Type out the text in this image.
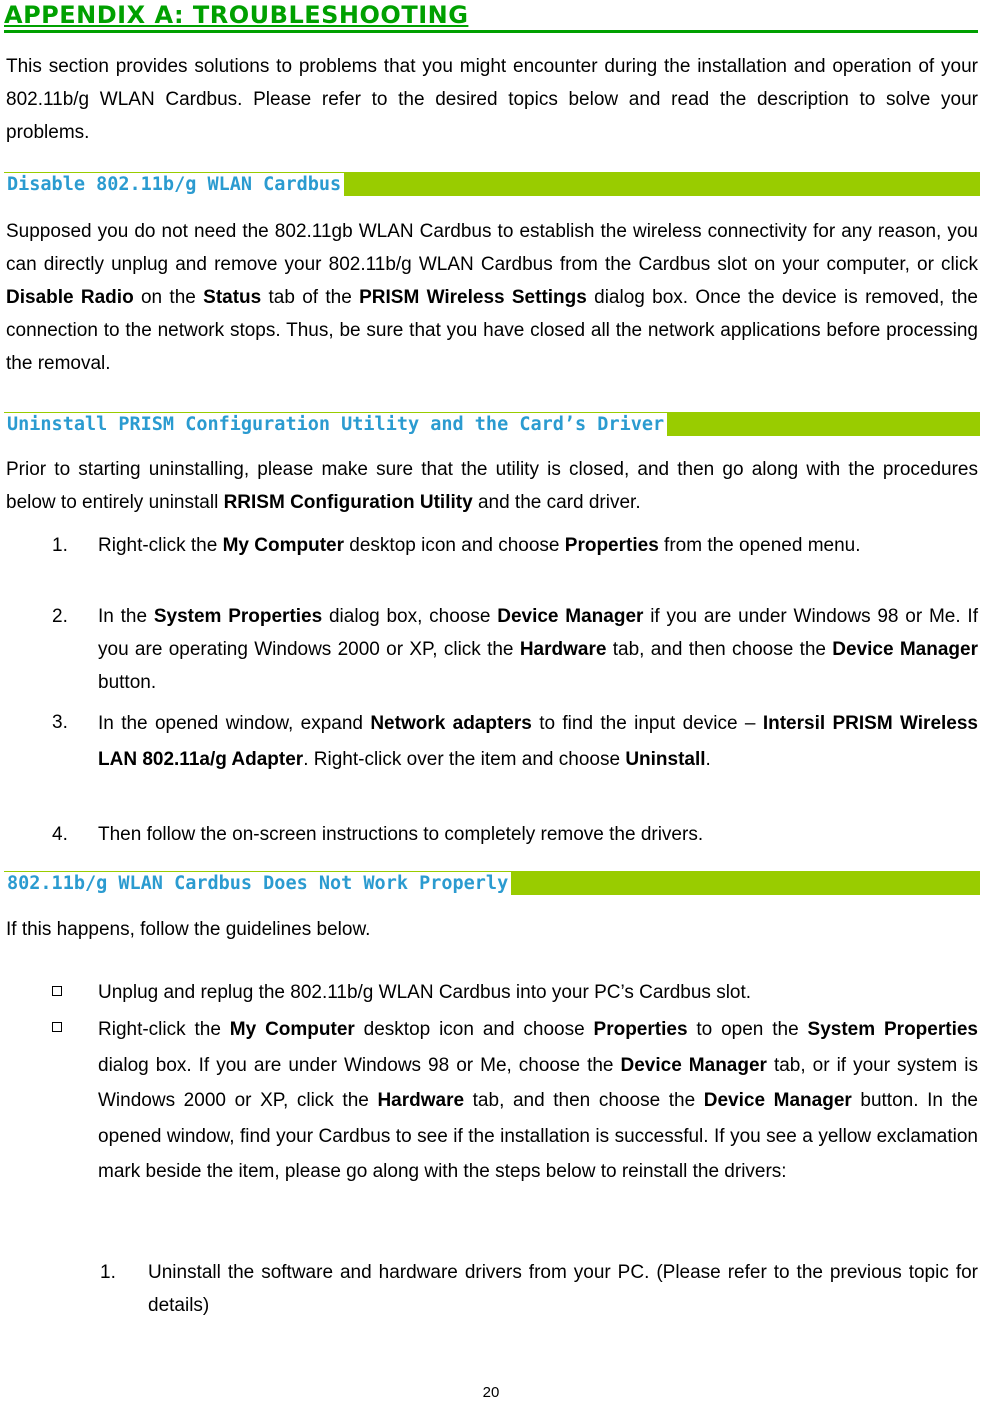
APPENDIX A: TROUBLESHOOTING
This section provides solutions to problems that you might encounter during the installation and operation of your 802.11b/g WLAN Cardbus. Please refer to the desired topics below and read the description to solve your problems.
Disable 802.11b/g WLAN Cardbus
Supposed you do not need the 802.11gb WLAN Cardbus to establish the wireless connectivity for any reason, you can directly unplug and remove your 802.11b/g WLAN Cardbus from the Cardbus slot on your computer, or click Disable Radio on the Status tab of the PRISM Wireless Settings dialog box. Once the device is removed, the connection to the network stops. Thus, be sure that you have closed all the network applications before processing the removal.
Uninstall PRISM Configuration Utility and the Card’s Driver
Prior to starting uninstalling, please make sure that the utility is closed, and then go along with the procedures below to entirely uninstall RRISM Configuration Utility and the card driver.
1. Right-click the My Computer desktop icon and choose Properties from the opened menu.
2. In the System Properties dialog box, choose Device Manager if you are under Windows 98 or Me. If you are operating Windows 2000 or XP, click the Hardware tab, and then choose the Device Manager button.
3. In the opened window, expand Network adapters to find the input device – Intersil PRISM Wireless LAN 802.11a/g Adapter. Right-click over the item and choose Uninstall.
4. Then follow the on-screen instructions to completely remove the drivers.
802.11b/g WLAN Cardbus Does Not Work Properly
If this happens, follow the guidelines below.
Unplug and replug the 802.11b/g WLAN Cardbus into your PC’s Cardbus slot.
Right-click the My Computer desktop icon and choose Properties to open the System Properties dialog box. If you are under Windows 98 or Me, choose the Device Manager tab, or if your system is Windows 2000 or XP, click the Hardware tab, and then choose the Device Manager button. In the opened window, find your Cardbus to see if the installation is successful. If you see a yellow exclamation mark beside the item, please go along with the steps below to reinstall the drivers:
1. Uninstall the software and hardware drivers from your PC. (Please refer to the previous topic for details)
20
